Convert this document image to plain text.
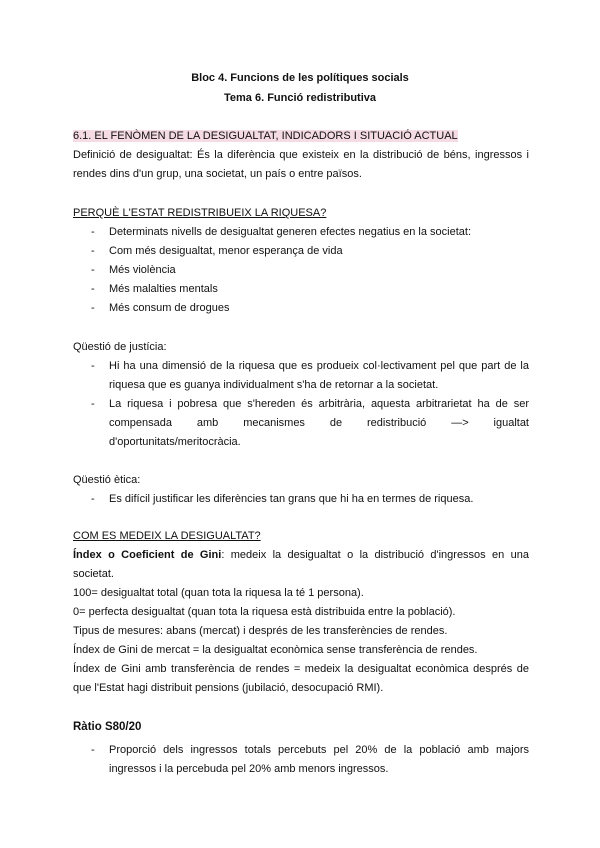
Bloc 4. Funcions de les polítiques socials
Tema 6. Funció redistributiva
6.1. EL FENÒMEN DE LA DESIGUALTAT, INDICADORS I SITUACIÓ ACTUAL
Definició de desigualtat: És la diferència que existeix en la distribució de béns, ingressos i rendes dins d'un grup, una societat, un país o entre països.
PERQUÈ L'ESTAT REDISTRIBUEIX LA RIQUESA?
- Determinats nivells de desigualtat generen efectes negatius en la societat:
- Com més desigualtat, menor esperança de vida
- Més violència
- Més malalties mentals
- Més consum de drogues
Qüestió de justícia:
- Hi ha una dimensió de la riquesa que es produeix col·lectivament pel que part de la riquesa que es guanya individualment s'ha de retornar a la societat.
- La riquesa i pobresa que s'hereden és arbitrària, aquesta arbitrarietat ha de ser compensada amb mecanismes de redistribució —> igualtat d'oportunitats/meritocràcia.
Qüestió ètica:
- Es difícil justificar les diferències tan grans que hi ha en termes de riquesa.
COM ES MEDEIX LA DESIGUALTAT?
Índex o Coeficient de Gini: medeix la desigualtat o la distribució d'ingressos en una societat.
100= desigualtat total (quan tota la riquesa la té 1 persona).
0= perfecta desigualtat (quan tota la riquesa està distribuida entre la població).
Tipus de mesures: abans (mercat) i després de les transferències de rendes.
Índex de Gini de mercat = la desigualtat econòmica sense transferència de rendes.
Índex de Gini amb transferència de rendes = medeix la desigualtat econòmica després de que l'Estat hagi distribuit pensions (jubilació, desocupació RMI).
Ràtio S80/20
- Proporció dels ingressos totals percebuts pel 20% de la població amb majors ingressos i la percebuda pel 20% amb menors ingressos.
